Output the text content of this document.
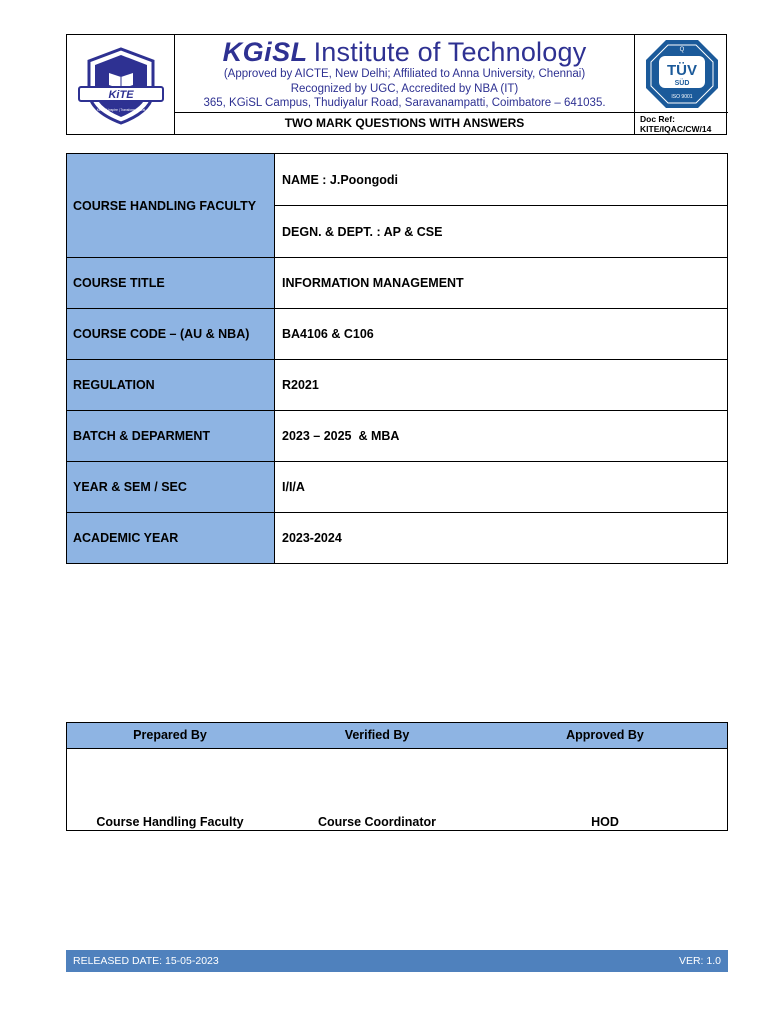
KiTE
Kindle | Inspire | Transform | Excel
KGiSL Institute of Technology
(Approved by AICTE, New Delhi; Affiliated to Anna University, Chennai)
Recognized by UGC, Accredited by NBA (IT)
365, KGiSL Campus, Thudiyalur Road, Saravanampatti, Coimbatore – 641035.
TWO MARK QUESTIONS WITH ANSWERS
Q
TÜV
SÜD
ISO 9001
Doc Ref:
KITE/IQAC/CW/14
COURSE HANDLING FACULTY	NAME : J.Poongodi
	DEGN. & DEPT. : AP & CSE
COURSE TITLE	INFORMATION MANAGEMENT
COURSE CODE – (AU & NBA)	BA4106 & C106
REGULATION	R2021
BATCH & DEPARMENT	2023 – 2025  & MBA
YEAR & SEM / SEC	I/I/A
ACADEMIC YEAR	2023-2024
Prepared By	Verified By	Approved By
Course Handling Faculty	Course Coordinator	HOD
RELEASED DATE: 15-05-2023	VER: 1.0
